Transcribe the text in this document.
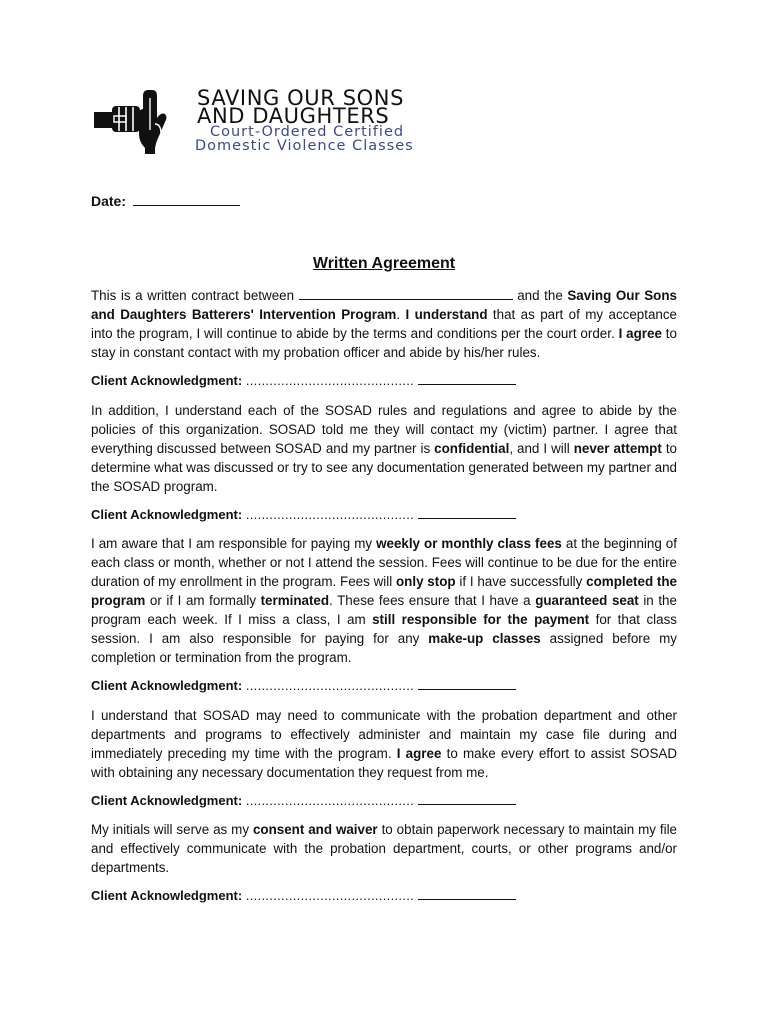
SAVING OUR SONS
AND DAUGHTERS
Court-Ordered Certified
Domestic Violence Classes
Date:
Written Agreement

This is a written contract between	and the Saving Our Sons and Daughters Batterers' Intervention Program. I understand that as part of my acceptance into the program, I will continue to abide by the terms and conditions per the court order. I agree to stay in constant contact with my probation officer and abide by his/her rules.

Client Acknowledgment: ...........................................

In addition, I understand each of the SOSAD rules and regulations and agree to abide by the policies of this organization. SOSAD told me they will contact my (victim) partner. I agree that everything discussed between SOSAD and my partner is confidential, and I will never attempt to determine what was discussed or try to see any documentation generated between my partner and the SOSAD program.

Client Acknowledgment: ...........................................

I am aware that I am responsible for paying my weekly or monthly class fees at the beginning of each class or month, whether or not I attend the session. Fees will continue to be due for the entire duration of my enrollment in the program. Fees will only stop if I have successfully completed the program or if I am formally terminated. These fees ensure that I have a guaranteed seat in the program each week. If I miss a class, I am still responsible for the payment for that class session. I am also responsible for paying for any make-up classes assigned before my completion or termination from the program.

Client Acknowledgment: ...........................................

I understand that SOSAD may need to communicate with the probation department and other departments and programs to effectively administer and maintain my case file during and immediately preceding my time with the program. I agree to make every effort to assist SOSAD with obtaining any necessary documentation they request from me.

Client Acknowledgment: ...........................................

My initials will serve as my consent and waiver to obtain paperwork necessary to maintain my file and effectively communicate with the probation department, courts, or other programs and/or departments.

Client Acknowledgment: ...........................................
